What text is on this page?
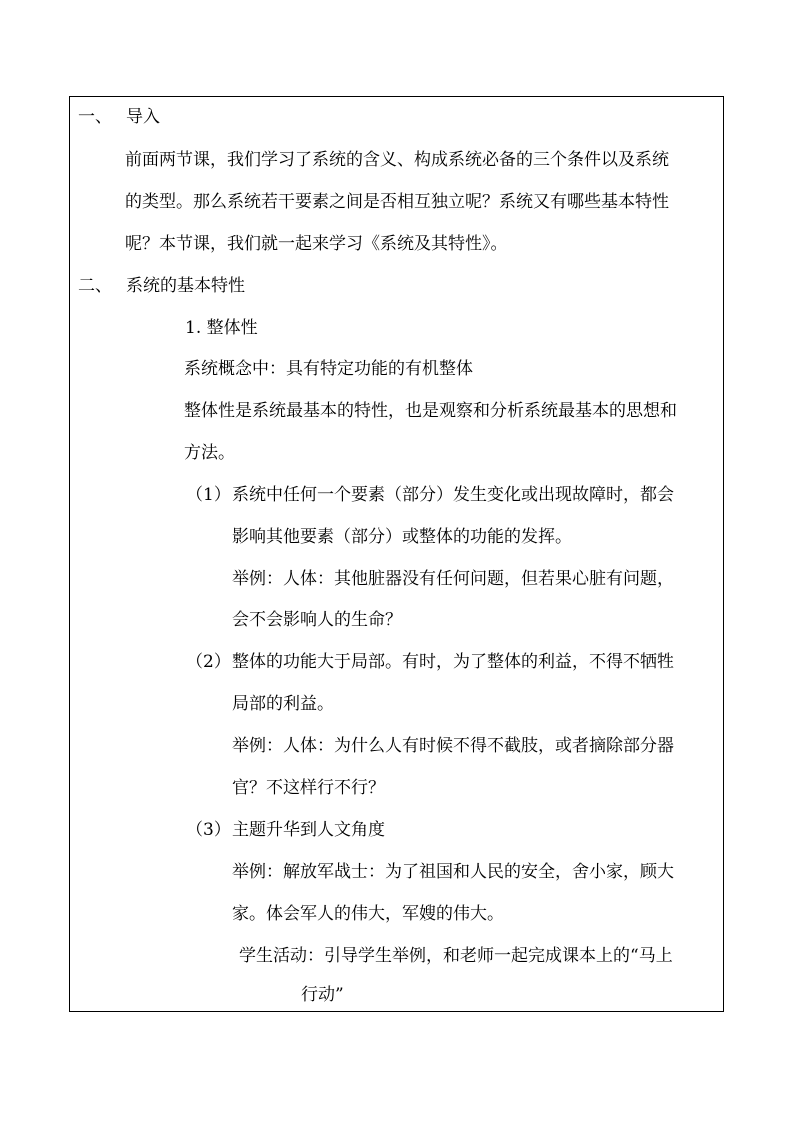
一、 导入

前面两节课，我们学习了系统的含义、构成系统必备的三个条件以及系统

的类型。那么系统若干要素之间是否相互独立呢？系统又有哪些基本特性

呢？本节课，我们就一起来学习《系统及其特性》。

二、 系统的基本特性

1. 整体性

系统概念中：具有特定功能的有机整体

整体性是系统最基本的特性，也是观察和分析系统最基本的思想和

方法。

（1） 系统中任何一个要素（部分）发生变化或出现故障时，都会

影响其他要素（部分）或整体的功能的发挥。

举例：人体：其他脏器没有任何问题，但若果心脏有问题，

会不会影响人的生命？

（2） 整体的功能大于局部。有时，为了整体的利益，不得不牺牲

局部的利益。

举例：人体：为什么人有时候不得不截肢，或者摘除部分器

官？不这样行不行？

（3） 主题升华到人文角度

举例：解放军战士：为了祖国和人民的安全，舍小家，顾大

家。体会军人的伟大，军嫂的伟大。

学生活动：引导学生举例，和老师一起完成课本上的“马上

行动”
